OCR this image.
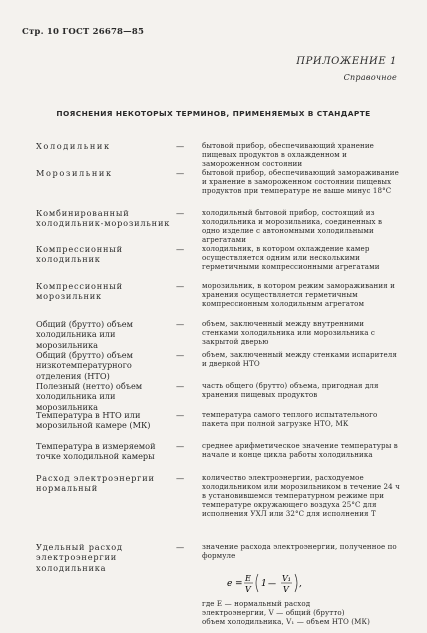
Стр. 10 ГОСТ 26678—85
ПРИЛОЖЕНИЕ 1
Справочное
ПОЯСНЕНИЯ НЕКОТОРЫХ ТЕРМИНОВ, ПРИМЕНЯЕМЫХ В СТАНДАРТЕ
Холодильник	—	бытовой прибор, обеспечивающий хранение пищевых продуктов в охлажденном и замороженном состоянии
Морозильник	—	бытовой прибор, обеспечивающий замораживание и хранение в замороженном состоянии пищевых продуктов при температуре не выше минус 18°С
Комбинированный холодильник-морозильник
—	холодильный бытовой прибор, состоящий из холодильника и морозильника, соединенных в одно изделие с автономными холодильными агрегатами
Компрессионный холодильник
—	холодильник, в котором охлаждение камер осуществляется одним или несколькими герметичными компрессионными агрегатами
Компрессионный морозильник
—	морозильник, в котором режим замораживания и хранения осуществляется герметичным компрессионным холодильным агрегатом
Общий (брутто) объем холодильника или морозильника
—	объем, заключенный между внутренними стенками холодильника или морозильника с закрытой дверью
Общий (брутто) объем низкотемпературного отделения (НТО)
—	объем, заключенный между стенками испарителя и дверкой НТО
Полезный (нетто) объем холодильника или морозильника
—	часть общего (брутто) объема, пригодная для хранения пищевых продуктов
Температура в НТО или морозильной камере (МК)
—	температура самого теплого испытательного пакета при полной загрузке НТО, МК
Температура в измеряемой точке холодильной камеры
—	среднее арифметическое значение температуры в начале и конце цикла работы холодильника
Расход электроэнергии нормальный
—	количество электроэнергии, расходуемое холодильником или морозильником в течение 24 ч в установившемся температурном режиме при температуре окружающего воздуха 25°С для исполнения УХЛ или 32°С для исполнения Т
Удельный расход электроэнергии холодильника
—	значение расхода электроэнергии, полученное по формуле
e =
E
V
1 —
V₁
V
,
где E — нормальный расход электроэнергии, V — общий (брутто) объем холодильника, V₁ — объем НТО (МК)
